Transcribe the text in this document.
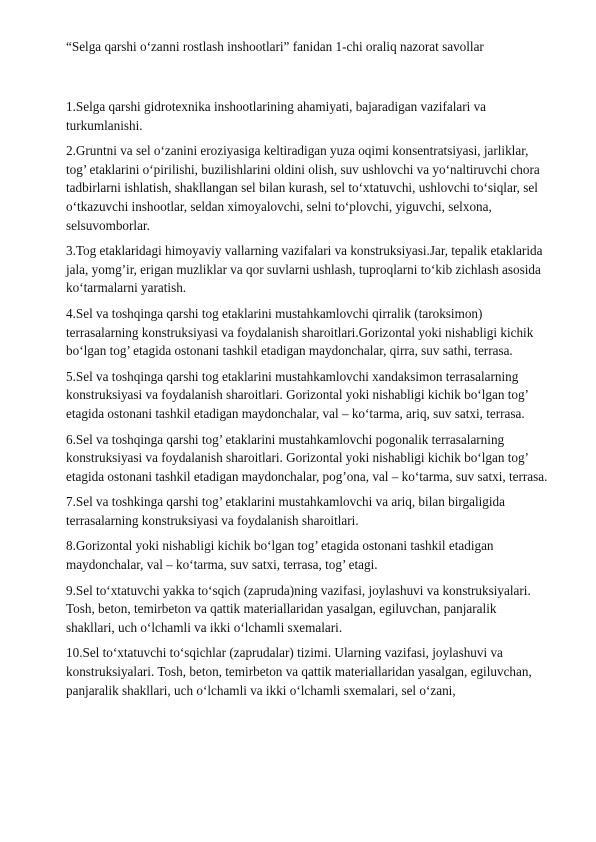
“Selga qarshi o‘zanni rostlash inshootlari” fanidan 1-chi oraliq nazorat savollar

1.Selga qarshi gidrotexnika inshootlarining ahamiyati, bajaradigan vazifalari va turkumlanishi.

2.Gruntni va sel o‘zanini eroziyasiga keltiradigan yuza oqimi konsentratsiyasi, jarliklar, tog’ etaklarini o‘pirilishi, buzilishlarini oldini olish, suv ushlovchi va yo‘naltiruvchi chora tadbirlarni ishlatish, shakllangan sel bilan kurash, sel to‘xtatuvchi, ushlovchi to‘siqlar, sel o‘tkazuvchi inshootlar, seldan ximoyalovchi, selni to‘plovchi, yiguvchi, selxona, selsuvomborlar.

3.Tog etaklaridagi himoyaviy vallarning vazifalari va konstruksiyasi.Jar, tepalik etaklarida jala, yomg’ir, erigan muzliklar va qor suvlarni ushlash, tuproqlarni to‘kib zichlash asosida ko‘tarmalarni yaratish.

4.Sel va toshqinga qarshi tog etaklarini mustahkamlovchi qirralik (taroksimon) terrasalarning konstruksiyasi va foydalanish sharoitlari.Gorizontal yoki nishabligi kichik bo‘lgan tog’ etagida ostonani tashkil etadigan maydonchalar, qirra, suv sathi, terrasa.

5.Sel va toshqinga qarshi tog etaklarini mustahkamlovchi xandaksimon terrasalarning konstruksiyasi va foydalanish sharoitlari. Gorizontal yoki nishabligi kichik bo‘lgan tog’ etagida ostonani tashkil etadigan maydonchalar, val – ko‘tarma, ariq, suv satxi, terrasa.

6.Sel va toshqinga qarshi tog’ etaklarini mustahkamlovchi pogonalik terrasalarning konstruksiyasi va foydalanish sharoitlari. Gorizontal yoki nishabligi kichik bo‘lgan tog’ etagida ostonani tashkil etadigan maydonchalar, pog’ona, val – ko‘tarma, suv satxi, terrasa.

7.Sel va toshkinga qarshi tog’ etaklarini mustahkamlovchi va ariq, bilan birgaligida terrasalarning konstruksiyasi va foydalanish sharoitlari.

8.Gorizontal yoki nishabligi kichik bo‘lgan tog’ etagida ostonani tashkil etadigan maydonchalar, val – ko‘tarma, suv satxi, terrasa, tog’ etagi.

9.Sel to‘xtatuvchi yakka to‘sqich (zapruda)ning vazifasi, joylashuvi va konstruksiyalari. Tosh, beton, temirbeton va qattik materiallaridan yasalgan, egiluvchan, panjaralik shakllari, uch o‘lchamli va ikki o‘lchamli sxemalari.

10.Sel to‘xtatuvchi to‘sqichlar (zaprudalar) tizimi. Ularning vazifasi, joylashuvi va konstruksiyalari. Tosh, beton, temirbeton va qattik materiallaridan yasalgan, egiluvchan, panjaralik shakllari, uch o‘lchamli va ikki o‘lchamli sxemalari, sel o‘zani,
